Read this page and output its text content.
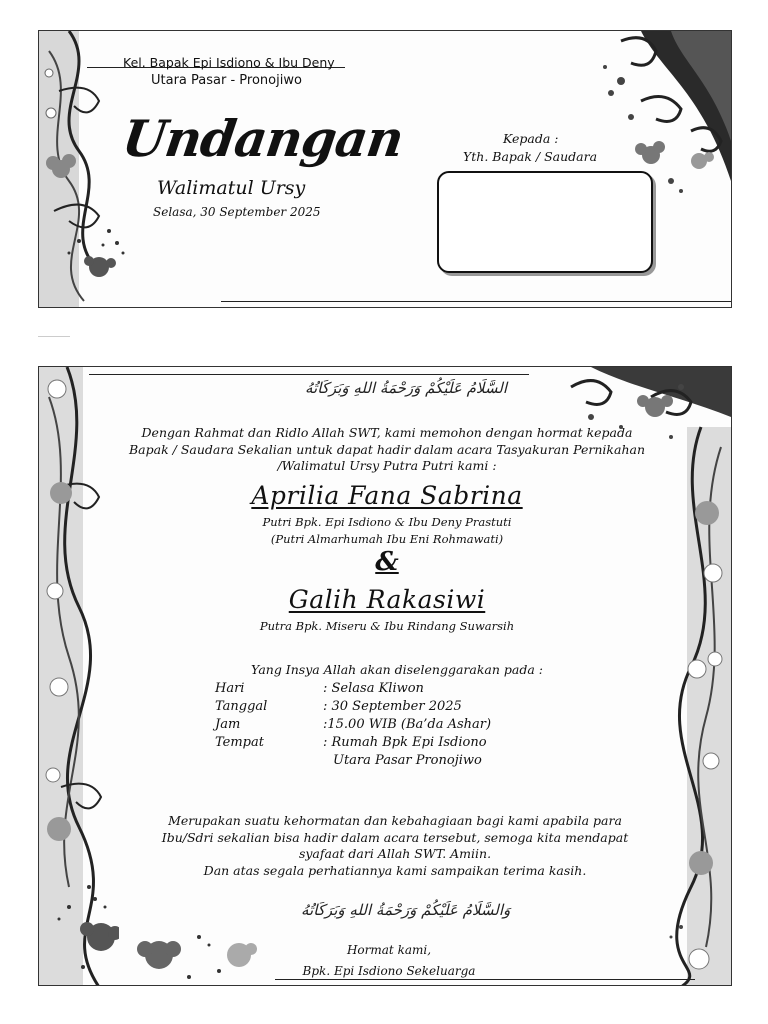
Kel. Bapak Epi Isdiono & Ibu Deny
Utara Pasar - Pronojiwo
Undangan
Walimatul Ursy
Selasa, 30 September 2025
Kepada :
Yth. Bapak / Saudara
السَّلَامُ عَلَيْكُمْ وَرَحْمَةُ اللهِ وَبَرَكَاتُهُ
Dengan Rahmat dan Ridlo Allah SWT, kami memohon dengan hormat kepada
Bapak / Saudara Sekalian untuk dapat hadir dalam acara Tasyakuran Pernikahan
/Walimatul Ursy Putra Putri kami :
Aprilia Fana Sabrina
Putri Bpk. Epi Isdiono & Ibu Deny Prastuti
(Putri Almarhumah Ibu Eni Rohmawati)
&
Galih Rakasiwi
Putra Bpk. Miseru & Ibu Rindang Suwarsih
Yang Insya Allah akan diselenggarakan pada :
Hari	: Selasa Kliwon
Tanggal	: 30 September 2025
Jam	:15.00 WIB (Ba’da Ashar)
Tempat	: Rumah Bpk Epi Isdiono
Utara Pasar Pronojiwo
Merupakan suatu kehormatan dan kebahagiaan bagi kami apabila para
Ibu/Sdri sekalian bisa hadir dalam acara tersebut, semoga kita mendapat
syafaat dari Allah SWT. Amiin.
Dan atas segala perhatiannya kami sampaikan terima kasih.
وَالسَّلَامُ عَلَيْكُمْ وَرَحْمَةُ اللهِ وَبَرَكَاتُهُ
Hormat kami,
Bpk. Epi Isdiono Sekeluarga
